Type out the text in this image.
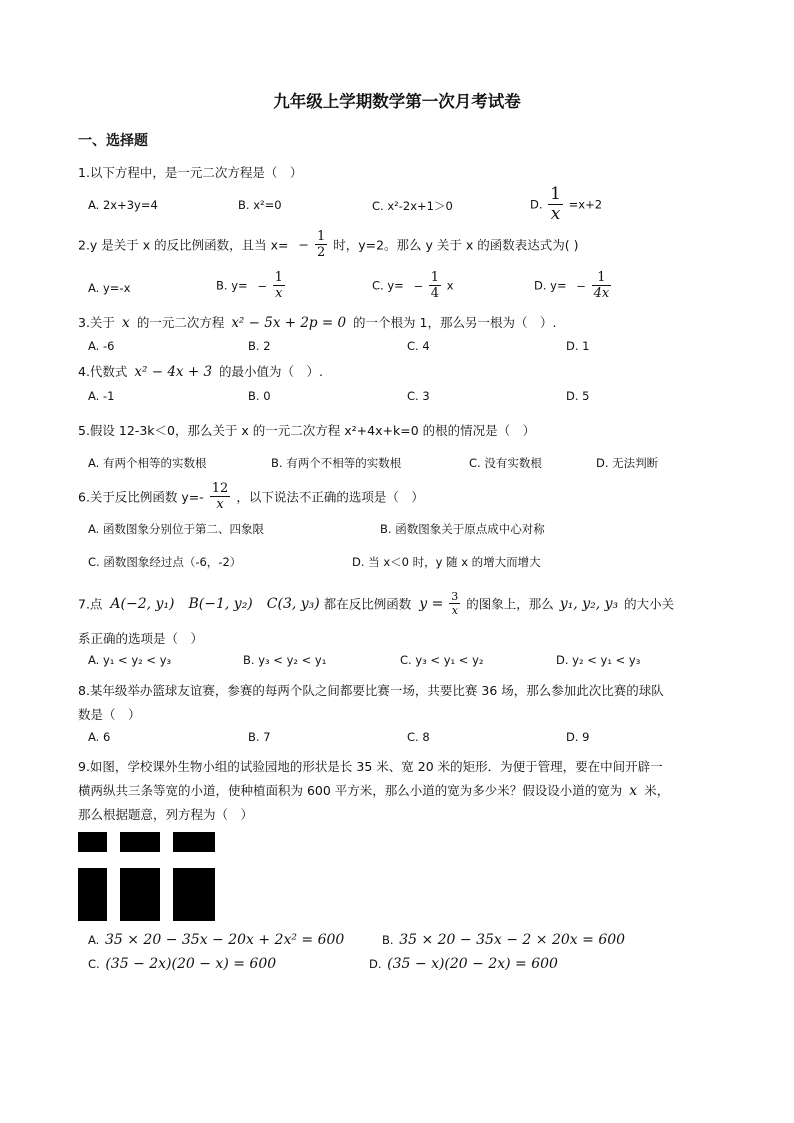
九年级上学期数学第一次月考试卷
一、选择题
1.以下方程中，是一元二次方程是（　）
A. 2x+3y=4	B. x²=0	C. x²-2x+1＞0	D. $\frac{1}{x} =x+2$
2.y 是关于 x 的反比例函数，且当 $x= - \frac{1}{2}$ 时，y=2。那么 y 关于 x 的函数表达式为( )
A. y=-x	B. $y= - \frac{1}{x}$	C. $y= - \frac{1}{4}$ x	D. $y= - \frac{1}{4x}$
3.关于 x 的一元二次方程 x² − 5x + 2p = 0 的一个根为 1，那么另一根为（　）.
A. -6	B. 2	C. 4	D. 1
4.代数式 x² − 4x + 3 的最小值为（　）.
A. -1	B. 0	C. 3	D. 5
5.假设 12-3k＜0，那么关于 x 的一元二次方程 x²+4x+k=0 的根的情况是（　）
A. 有两个相等的实数根	B. 有两个不相等的实数根	C. 没有实数根	D. 无法判断
6.关于反比例函数 $y=- \frac{12}{x}$ ，以下说法不正确的选项是（　）
A. 函数图象分别位于第二、四象限	B. 函数图象关于原点成中心对称
C. 函数图象经过点（-6，-2）	D. 当 x＜0 时，y 随 x 的增大而增大
7.点 A(−2, y₁) B(−1, y₂) C(3, y₃) 都在反比例函数 $y = \frac{3}{x}$ 的图象上，那么 y₁, y₂, y₃ 的大小关
系正确的选项是（　）
A. y₁ < y₂ < y₃	B. y₃ < y₂ < y₁	C. y₃ < y₁ < y₂	D. y₂ < y₁ < y₃
8.某年级举办篮球友谊赛，参赛的每两个队之间都要比赛一场，共要比赛 36 场，那么参加此次比赛的球队
数是（　）
A. 6	B. 7	C. 8	D. 9
9.如图，学校课外生物小组的试验园地的形状是长 35 米、宽 20 米的矩形．为便于管理，要在中间开辟一
横两纵共三条等宽的小道，使种植面积为 600 平方米，那么小道的宽为多少米？假设设小道的宽为 x 米，
那么根据题意，列方程为（　）
A. 35 × 20 − 35x − 20x + 2x² = 600	B. 35 × 20 − 35x − 2 × 20x = 600
C. (35 − 2x)(20 − x) = 600	D. (35 − x)(20 − 2x) = 600
